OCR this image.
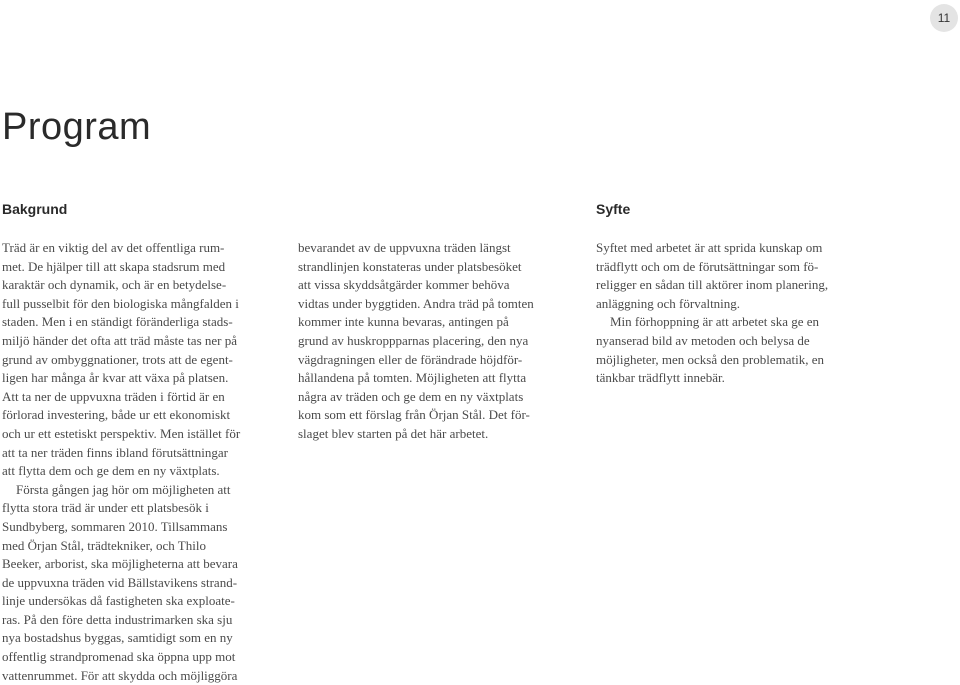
11
Program
Bakgrund	Syfte

Träd är en viktig del av det offentliga rum-
met. De hjälper till att skapa stadsrum med
karaktär och dynamik, och är en betydelse-
full pusselbit för den biologiska mångfalden i
staden. Men i en ständigt föränderliga stads-
miljö händer det ofta att träd måste tas ner på
grund av ombyggnationer, trots att de egent-
ligen har många år kvar att växa på platsen.
Att ta ner de uppvuxna träden i förtid är en
förlorad investering, både ur ett ekonomiskt
och ur ett estetiskt perspektiv. Men istället för
att ta ner träden finns ibland förutsättningar
att flytta dem och ge dem en ny växtplats.

Första gången jag hör om möjligheten att
flytta stora träd är under ett platsbesök i
Sundbyberg, sommaren 2010. Tillsammans
med Örjan Stål, trädtekniker, och Thilo
Beeker, arborist, ska möjligheterna att bevara
de uppvuxna träden vid Bällstavikens strand-
linje undersökas då fastigheten ska exploate-
ras. På den före detta industrimarken ska sju
nya bostadshus byggas, samtidigt som en ny
offentlig strandpromenad ska öppna upp mot
vattenrummet. För att skydda och möjliggöra

bevarandet av de uppvuxna träden längst
strandlinjen konstateras under platsbesöket
att vissa skyddsåtgärder kommer behöva
vidtas under byggtiden. Andra träd på tomten
kommer inte kunna bevaras, antingen på
grund av huskroppparnas placering, den nya
vägdragningen eller de förändrade höjdför-
hållandena på tomten. Möjligheten att flytta
några av träden och ge dem en ny växtplats
kom som ett förslag från Örjan Stål. Det för-
slaget blev starten på det här arbetet.

Syftet med arbetet är att sprida kunskap om
trädflytt och om de förutsättningar som fö-
religger en sådan till aktörer inom planering,
anläggning och förvaltning.

Min förhoppning är att arbetet ska ge en
nyanserad bild av metoden och belysa de
möjligheter, men också den problematik, en
tänkbar trädflytt innebär.
